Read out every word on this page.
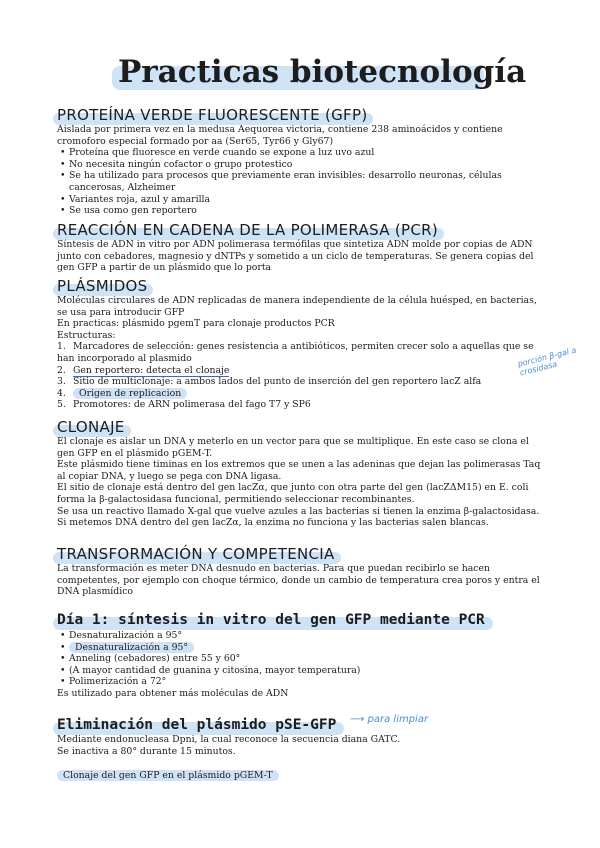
Practicas biotecnología
PROTEÍNA VERDE FLUORESCENTE (GFP)

Aislada por primera vez en la medusa Aequorea victoria, contiene 238 aminoácidos y contiene cromoforo especial formado por aa (Ser65, Tyr66 y Gly67)

• Proteína que fluoresce en verde cuando se expone a luz uvo azul

• No necesita ningún cofactor o grupo protestico

• Se ha utilizado para procesos que previamente eran invisibles: desarrollo neuronas, células cancerosas, Alzheimer

• Variantes roja, azul y amarilla

• Se usa como gen reportero

REACCIÓN EN CADENA DE LA POLIMERASA (PCR)

Síntesis de ADN in vitro por ADN polimerasa termófilas que sintetiza ADN molde por copias de ADN junto con cebadores, magnesio y dNTPs y sometido a un ciclo de temperaturas. Se genera copias del gen GFP a partir de un plásmido que lo porta

PLÁSMIDOS

Moléculas circulares de ADN replicadas de manera independiente de la célula huésped, en bacterias, se usa para introducir GFP

En practicas: plásmido pgemT para clonaje productos PCR

Estructuras:

1. Marcadores de selección: genes resistencia a antibióticos, permiten crecer solo a aquellas que se han incorporado al plasmido

2. Gen reportero: detecta el clonaje

3. Sitio de multiclonaje: a ambos lados del punto de inserción del gen reportero lacZ alfa

4. Origen de replicacion

5. Promotores: de ARN polimerasa del fago T7 y SP6

porción β-gal a crosidasa
CLONAJE

El clonaje es aislar un DNA y meterlo en un vector para que se multiplique. En este caso se clona el gen GFP en el plásmido pGEM-T.

Este plásmido tiene timinas en los extremos que se unen a las adeninas que dejan las polimerasas Taq al copiar DNA, y luego se pega con DNA ligasa.

El sitio de clonaje está dentro del gen lacZα, que junto con otra parte del gen (lacZΔM15) en E. coli forma la β-galactosidasa funcional, permitiendo seleccionar recombinantes.

Se usa un reactivo llamado X-gal que vuelve azules a las bacterias si tienen la enzima β-galactosidasa.

Si metemos DNA dentro del gen lacZα, la enzima no funciona y las bacterias salen blancas.

TRANSFORMACIÓN Y COMPETENCIA

La transformación es meter DNA desnudo en bacterias. Para que puedan recibirlo se hacen competentes, por ejemplo con choque térmico, donde un cambio de temperatura crea poros y entra el DNA plasmídico

Día 1: síntesis in vitro del gen GFP mediante PCR

• Desnaturalización a 95°

• Desnaturalización a 95°

• Anneling (cebadores) entre 55 y 60°

• (A mayor cantidad de guanina y citosina, mayor temperatura)

• Polimerización a 72°

Es utilizado para obtener más moléculas de ADN

Eliminación del plásmido pSE-GFP ⟶ para limpiar

Mediante endonucleasa Dpni, la cual reconoce la secuencia diana GATC.

Se inactiva a 80° durante 15 minutos.

Clonaje del gen GFP en el plásmido pGEM-T
